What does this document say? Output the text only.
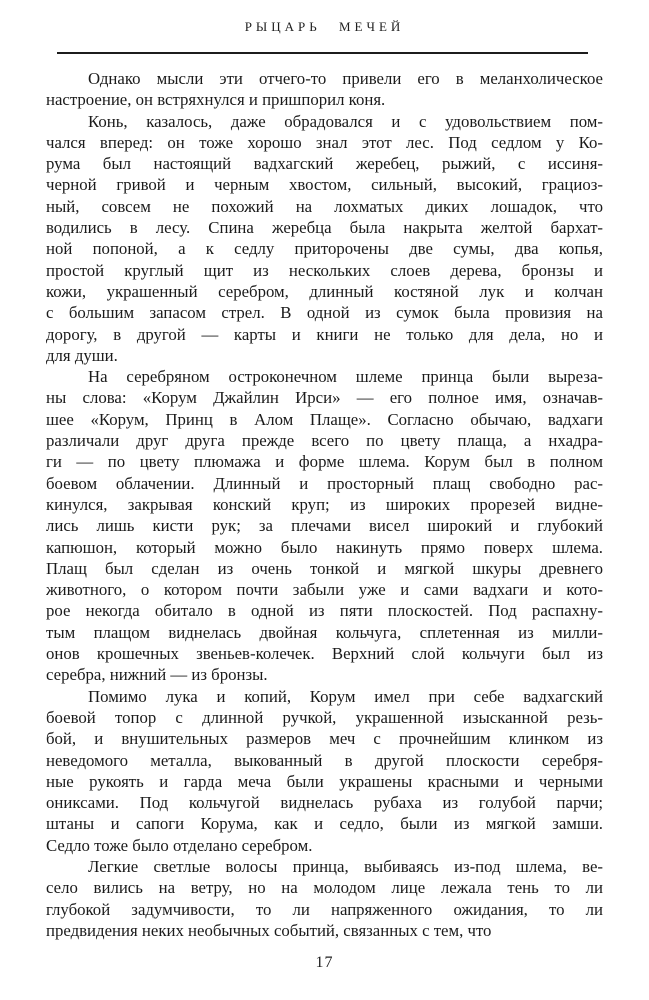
РЫЦАРЬ МЕЧЕЙ
Однако мысли эти отчего-то привели его в меланхолическое
настроение, он встряхнулся и пришпорил коня.
Конь, казалось, даже обрадовался и с удовольствием пом-
чался вперед: он тоже хорошо знал этот лес. Под седлом у Ко-
рума был настоящий вадхагский жеребец, рыжий, с иссиня-
черной гривой и черным хвостом, сильный, высокий, грациоз-
ный, совсем не похожий на лохматых диких лошадок, что
водились в лесу. Спина жеребца была накрыта желтой бархат-
ной попоной, а к седлу приторочены две сумы, два копья,
простой круглый щит из нескольких слоев дерева, бронзы и
кожи, украшенный серебром, длинный костяной лук и колчан
с большим запасом стрел. В одной из сумок была провизия на
дорогу, в другой — карты и книги не только для дела, но и
для души.
На серебряном остроконечном шлеме принца были выреза-
ны слова: «Корум Джайлин Ирси» — его полное имя, означав-
шее «Корум, Принц в Алом Плаще». Согласно обычаю, вадхаги
различали друг друга прежде всего по цвету плаща, а нхадра-
ги — по цвету плюмажа и форме шлема. Корум был в полном
боевом облачении. Длинный и просторный плащ свободно рас-
кинулся, закрывая конский круп; из широких прорезей видне-
лись лишь кисти рук; за плечами висел широкий и глубокий
капюшон, который можно было накинуть прямо поверх шлема.
Плащ был сделан из очень тонкой и мягкой шкуры древнего
животного, о котором почти забыли уже и сами вадхаги и кото-
рое некогда обитало в одной из пяти плоскостей. Под распахну-
тым плащом виднелась двойная кольчуга, сплетенная из милли-
онов крошечных звеньев-колечек. Верхний слой кольчуги был из
серебра, нижний — из бронзы.
Помимо лука и копий, Корум имел при себе вадхагский
боевой топор с длинной ручкой, украшенной изысканной резь-
бой, и внушительных размеров меч с прочнейшим клинком из
неведомого металла, выкованный в другой плоскости серебря-
ные рукоять и гарда меча были украшены красными и черными
ониксами. Под кольчугой виднелась рубаха из голубой парчи;
штаны и сапоги Корума, как и седло, были из мягкой замши.
Седло тоже было отделано серебром.
Легкие светлые волосы принца, выбиваясь из-под шлема, ве-
село вились на ветру, но на молодом лице лежала тень то ли
глубокой задумчивости, то ли напряженного ожидания, то ли
предвидения неких необычных событий, связанных с тем, что
17
